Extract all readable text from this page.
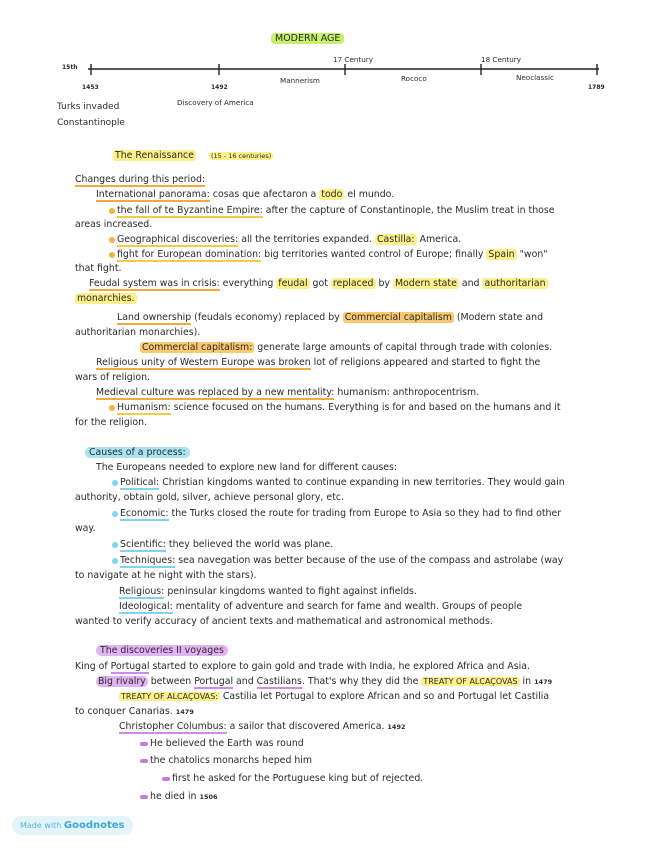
MODERN AGE
15th
1453	1492	1789
17 Century	18 Century
Mannerism	Rococo	Neoclassic
Turks invaded
Constantinople
Discovery of America
The Renaissance	(15 - 16 centuries)
Changes during this period:
International panorama: cosas que afectaron a todo el mundo.
the fall of te Byzantine Empire: after the capture of Constantinople, the Muslim treat in those
areas increased.
Geographical discoveries: all the territories expanded. Castilla: America.
fight for European domination: big territories wanted control of Europe; finally Spain "won"
that fight.
Feudal system was in crisis: everything feudal got replaced by Modern state and authoritarian
monarchies.
Land ownership (feudals economy) replaced by Commercial capitalism (Modern state and
authoritarian monarchies).
Commercial capitalism: generate large amounts of capital through trade with colonies.
Religious unity of Western Europe was broken lot of religions appeared and started to fight the
wars of religion.
Medieval culture was replaced by a new mentality: humanism: anthropocentrism.
Humanism: science focused on the humans. Everything is for and based on the humans and it
for the religion.
Causes of a process:
The Europeans needed to explore new land for different causes:
Political: Christian kingdoms wanted to continue expanding in new territories. They would gain
authority, obtain gold, silver, achieve personal glory, etc.
Economic: the Turks closed the route for trading from Europe to Asia so they had to find other
way.
Scientific: they believed the world was plane.
Techniques: sea navegation was better because of the use of the compass and astrolabe (way
to navigate at he night with the stars).
Religious: peninsular kingdoms wanted to fight against infields.
Ideological: mentality of adventure and search for fame and wealth. Groups of people
wanted to verify accuracy of ancient texts and mathematical and astronomical methods.
The discoveries II voyages
King of Portugal started to explore to gain gold and trade with India, he explored Africa and Asia.
Big rivalry between Portugal and Castilians. That's why they did the TREATY OF ALCAÇOVAS in 1479
TREATY OF ALCAÇOVAS: Castilia let Portugal to explore African and so and Portugal let Castilia
to conquer Canarias. 1479
Christopher Columbus: a sailor that discovered America. 1492
He believed the Earth was round
the chatolics monarchs heped him
first he asked for the Portuguese king but of rejected.
he died in 1506
Made with Goodnotes
